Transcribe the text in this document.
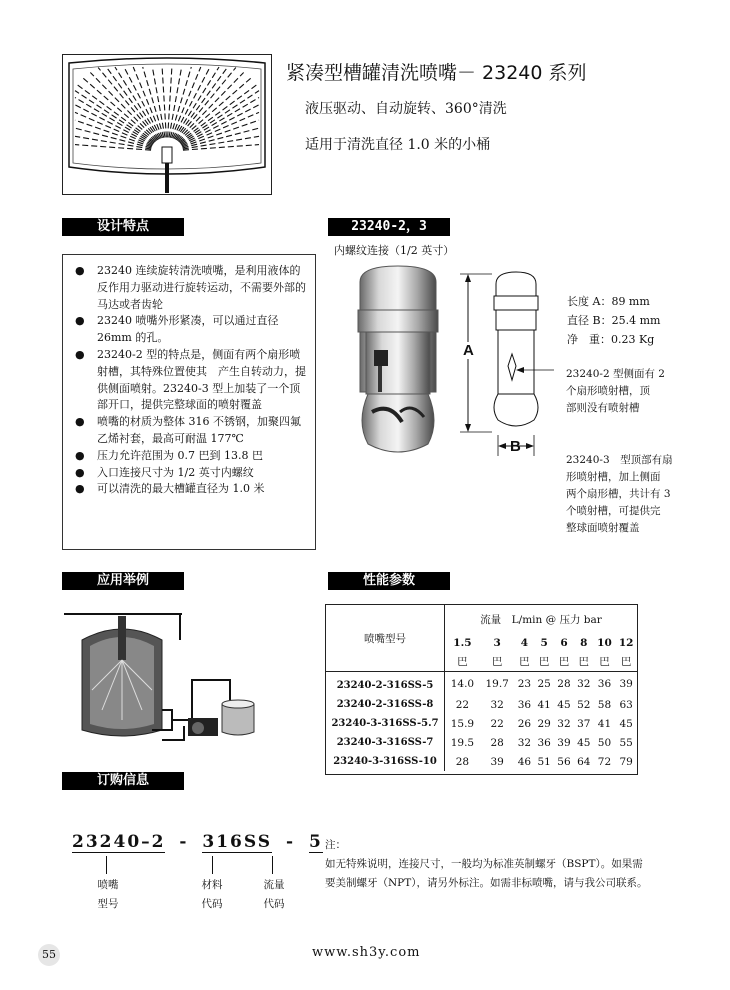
紧凑型槽罐清洗喷嘴－ 23240 系列
液压驱动、自动旋转、360°清洗
适用于清洗直径 1.0 米的小桶
设计特点
● 23240 连续旋转清洗喷嘴，是利用液体的反作用力驱动进行旋转运动，不需要外部的马达或者齿轮
● 23240 喷嘴外形紧凑，可以通过直径26mm 的孔。
● 23240-2 型的特点是，侧面有两个扇形喷射槽，其特殊位置使其　产生自转动力，提供侧面喷射。23240-3 型上加装了一个顶部开口，提供完整球面的喷射覆盖
● 喷嘴的材质为整体 316 不锈钢，加聚四氟乙烯衬套，最高可耐温 177℃
● 压力允许范围为 0.7 巴到 13.8 巴
● 入口连接尺寸为 1/2 英寸内螺纹
● 可以清洗的最大槽罐直径为 1.0 米
23240-2，3
内螺纹连接（1/2 英寸）
A
B
长度 A：89 mm
直径 B：25.4 mm
净　重：0.23 Kg
23240-2 型侧面有 2
个扇形喷射槽，顶
部则没有喷射槽
23240-3　型顶部有扇
形喷射槽，加上侧面
两个扇形槽，共计有 3
个喷射槽，可提供完
整球面喷射覆盖
应用举例	性能参数
喷嘴型号	流量　L/min @ 压力 bar							
	1.5	3	4	5	6	8	10	12
	巴	巴	巴	巴	巴	巴	巴	巴
23240-2-316SS-5	14.0	19.7	23	25	28	32	36	39
23240-2-316SS-8	22	32	36	41	45	52	58	63
23240-3-316SS-5.7	15.9	22	26	29	32	37	41	45
23240-3-316SS-7	19.5	28	32	36	39	45	50	55
23240-3-316SS-10	28	39	46	51	56	64	72	79
订购信息
23240–2 - 316SS - 5
喷嘴
型号
材料
代码
流量
代码
注：
如无特殊说明，连接尺寸，一般均为标准英制螺牙（BSPT）。如果需
要美制螺牙（NPT），请另外标注。如需非标喷嘴，请与我公司联系。
55	www.sh3y.com
